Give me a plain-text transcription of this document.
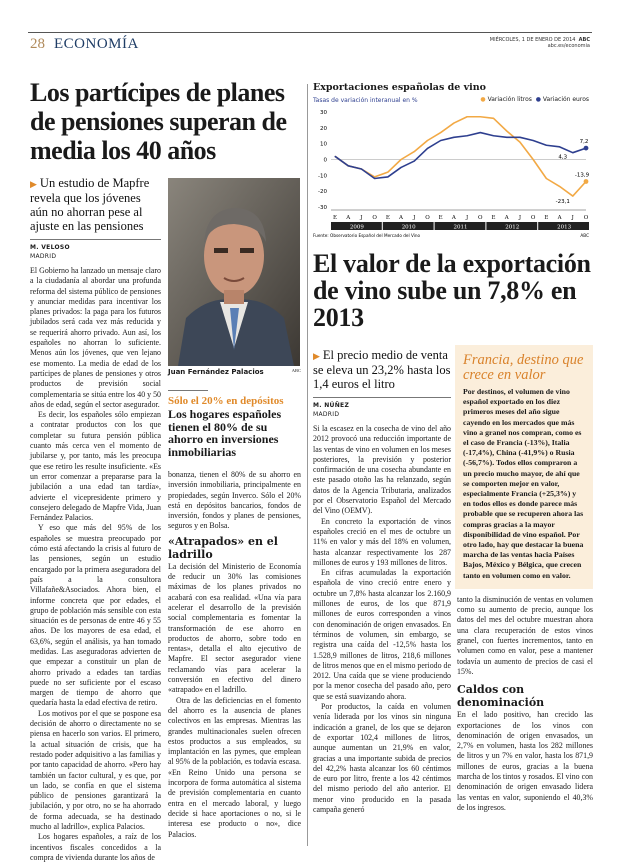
28 ECONOMÍA	MIÉRCOLES, 1 DE ENERO DE 2014 ABC
abc.es/economia
Los partícipes de planes de pensiones superan de media los 40 años
▶ Un estudio de Mapfre revela que los jóvenes aún no ahorran pese al ajuste en las pensiones
M. VELOSO
MADRID

El Gobierno ha lanzado un mensaje claro a la ciudadanía al abordar una profunda reforma del sistema público de pensiones y anunciar medidas para incentivar los planes privados: la paga para los futuros jubilados será cada vez más reducida y se requerirá ahorro privado. Aun así, los españoles no ahorran lo suficiente. Menos aún los jóvenes, que ven lejano ese momento. La media de edad de los partícipes de planes de pensiones y otros productos de previsión social complementaria se sitúa entre los 40 y 50 años de edad, según el sector asegurador.

Es decir, los españoles sólo empiezan a contratar productos con los que completar su futura pensión pública cuanto más cerca ven el momento de jubilarse y, por tanto, más les preocupa que ese retiro les resulte insuficiente. «Es un error comenzar a prepararse para la jubilación a una edad tan tardía», advierte el vicepresidente primero y consejero delegado de Mapfre Vida, Juan Fernández Palacios.

Y eso que más del 95% de los españoles se muestra preocupado por cómo está afectando la crisis al futuro de las pensiones, según un estudio encargado por la primera aseguradora del país a la consultora Villafañe&Asociados. Ahora bien, el informe concreta que por edades, el grupo de población más sensible con esta situación es de personas de entre 46 y 55 años. De los mayores de esa edad, el 63,6%, según el análisis, ya han tomado medidas. Las aseguradoras advierten de que empezar a constituir un plan de ahorro privado a edades tan tardías puede no ser suficiente por el escaso margen de tiempo de ahorro que quedaría hasta la edad efectiva de retiro.

Los motivos por el que se pospone esa decisión de ahorro o directamente no se piensa en hacerlo son varios. El primero, la actual situación de crisis, que ha restado poder adquisitivo a las familias y por tanto capacidad de ahorro. «Pero hay también un factor cultural, y es que, por un lado, se confía en que el sistema público de pensiones garantizará la jubilación, y por otro, no se ha ahorrado de forma adecuada, se ha destinado mucho al ladrillo», explica Palacios.

Los hogares españoles, a raíz de los incentivos fiscales concedidos a la compra de vivienda durante los años de

Juan Fernández Palacios	ABC
Sólo el 20% en depósitos
Los hogares españoles tienen el 80% de su ahorro en inversiones inmobiliarias

bonanza, tienen el 80% de su ahorro en inversión inmobiliaria, principalmente en propiedades, según Inverco. Sólo el 20% está en depósitos bancarios, fondos de inversión, fondos y planes de pensiones, seguros y en Bolsa.

«Atrapados» en el ladrillo

La decisión del Ministerio de Economía de reducir un 30% las comisiones máximas de los planes privados no acabará con esa realidad. «Una vía para acelerar el desarrollo de la previsión social complementaria es fomentar la transformación de ese ahorro en productos de ahorro, sobre todo en rentas», detalla el alto ejecutivo de Mapfre. El sector asegurador viene reclamando vías para acelerar la conversión en efectivo del dinero «atrapado» en el ladrillo.

Otra de las deficiencias en el fomento del ahorro es la ausencia de planes colectivos en las empresas. Mientras las grandes multinacionales suelen ofrecen estos productos a sus empleados, su implantación en las pymes, que emplean al 95% de la población, es todavía escasa. «En Reino Unido una persona se incorpora de forma automática al sistema de previsión complementaria en cuanto entra en el mercado laboral, y luego decide si hace aportaciones o no, si le interesa ese producto o no», dice Palacios.

Exportaciones españolas de vino
Tasas de variación interanual en %	● Variación litros ● Variación euros
30
20
10
0
-10
-20
-30
E A J O E A J O E A J O E A J O E A J O
2009	2010	2011	2012	2013
7,2
4,3
-13,9
-23,1
Fuente: Observatorio Español del Mercado del Vino	ABC
El valor de la exportación de vino sube un 7,8% en 2013
▶ El precio medio de venta se eleva un 23,2% hasta los 1,4 euros el litro
M. NÚÑEZ
MADRID

Si la escasez en la cosecha de vino del año 2012 provocó una reducción importante de las ventas de vino en volumen en los meses posteriores, la previsión y posterior confirmación de una cosecha abundante en este pasado otoño las ha relanzado, según datos de la Agencia Tributaria, analizados por el Observatorio Español del Mercado del Vino (OEMV).

En concreto la exportación de vinos españoles creció en el mes de octubre un 11% en valor y más del 18% en volumen, hasta alcanzar respectivamente los 287 millones de euros y 193 millones de litros.

En cifras acumuladas la exportación española de vino creció entre enero y octubre un 7,8% hasta alcanzar los 2.160,9 millones de euros, de los que 871,9 millones de euros corresponden a vinos con denominación de origen envasados. En términos de volumen, sin embargo, se registra una caída del -12,5% hasta los 1.528,9 millones de litros, 218,6 millones de litros menos que en el mismo periodo de 2012. Una caída que se viene produciendo por la menor cosecha del pasado año, pero que se está suavizando ahora.

Por productos, la caída en volumen venía liderada por los vinos sin ninguna indicación a granel, de los que se dejaron de exportar 102,4 millones de litros, aunque aumentan un 21,9% en valor, gracias a una importante subida de precios del 42,2% hasta alcanzar los 60 céntimos de euro por litro, frente a los 42 céntimos del mismo periodo del año anterior. El menor vino producido en la pasada campaña generó

Francia, destino que crece en valor

Por destinos, el volumen de vino español exportado en los diez primeros meses del año sigue cayendo en los mercados que más vino a granel nos compran, como es el caso de Francia (-13%), Italia (-17,4%), China (-41,9%) o Rusia (-56,7%). Todos ellos compraron a un precio mucho mayor, de ahí que se comporten mejor en valor, especialmente Francia (+25,3%) y en todos ellos es donde parece más probable que se recuperen ahora las compras gracias a la mayor disponibilidad de vino español. Por otro lado, hay que destacar la buena marcha de las ventas hacia Países Bajos, México y Bélgica, que crecen tanto en volumen como en valor.

tanto la disminución de ventas en volumen como su aumento de precio, aunque los datos del mes del octubre muestran ahora una clara recuperación de estos vinos granel, con fuertes incrementos, tanto en volumen como en valor, pese a mantener todavía un aumento de precios de casi el 15%.

Caldos con denominación

En el lado positivo, han crecido las exportaciones de los vinos con denominación de origen envasados, un 2,7% en volumen, hasta los 282 millones de litros y un 7% en valor, hasta los 871,9 millones de euros, gracias a la buena marcha de los tintos y rosados. El vino con denominación de origen envasado lidera las ventas en valor, suponiendo el 40,3% de los ingresos.
